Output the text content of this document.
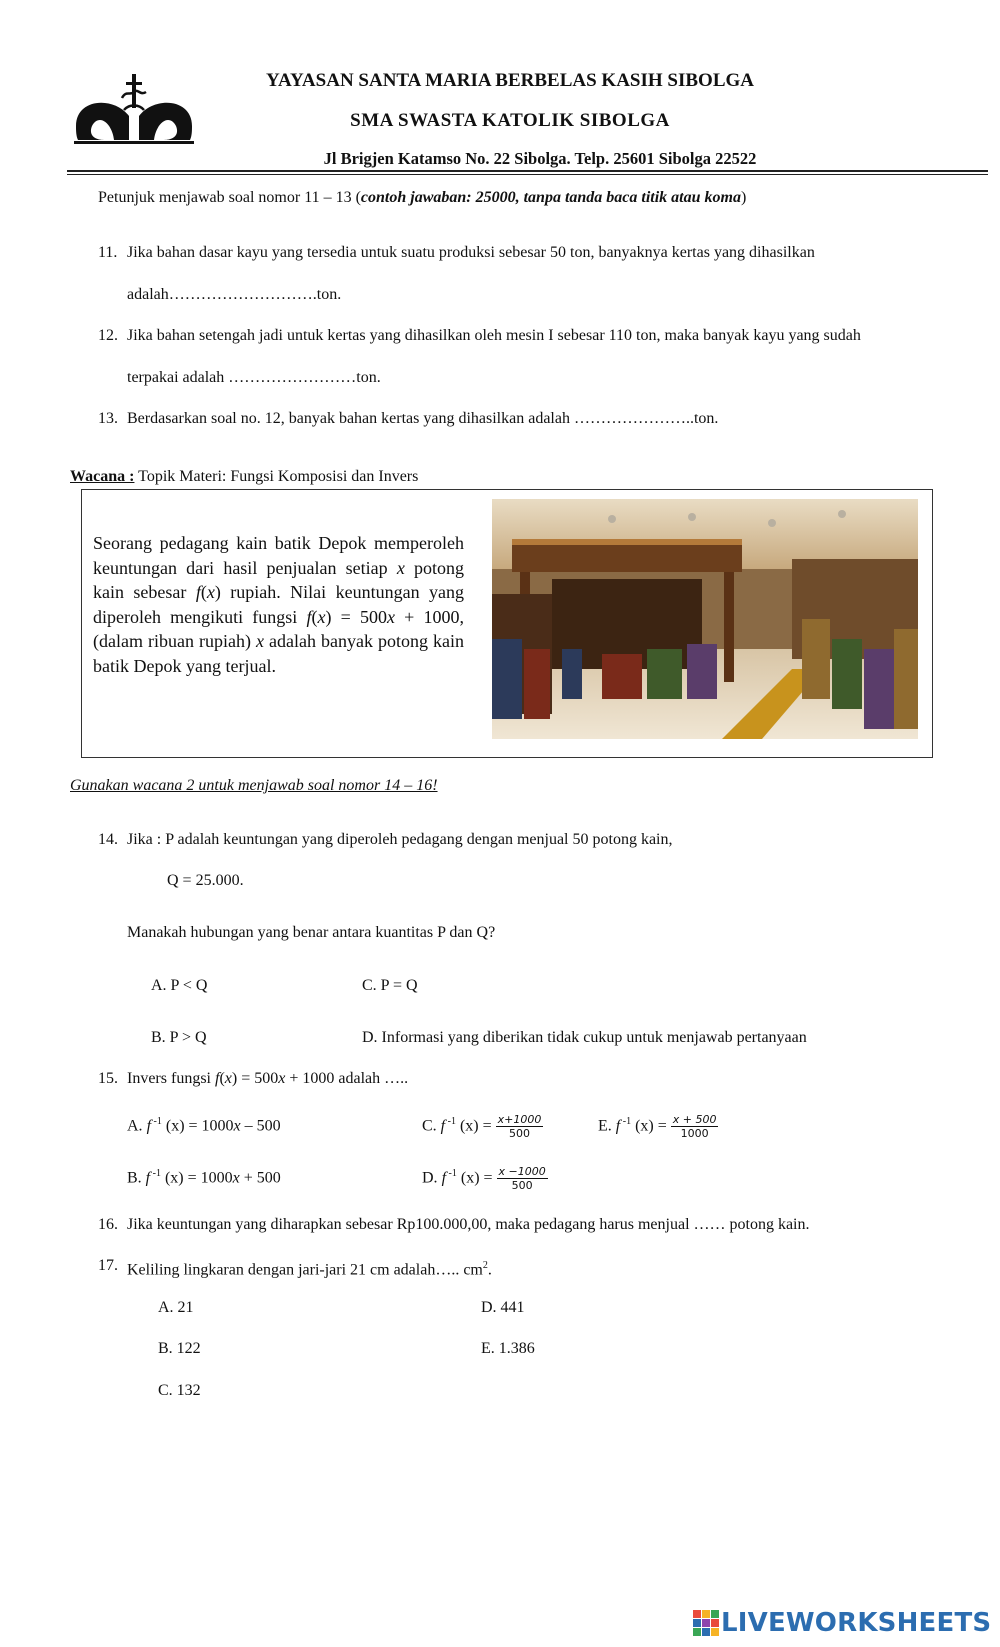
YAYASAN SANTA MARIA BERBELAS KASIH SIBOLGA
SMA SWASTA KATOLIK SIBOLGA
Jl Brigjen Katamso No. 22 Sibolga. Telp. 25601 Sibolga 22522
Petunjuk menjawab soal nomor 11 – 13 (contoh jawaban: 25000, tanpa tanda baca titik atau koma)
11. Jika bahan dasar kayu yang tersedia untuk suatu produksi sebesar 50 ton, banyaknya kertas yang dihasilkan
adalah……………………….ton.
12. Jika bahan setengah jadi untuk kertas yang dihasilkan oleh mesin I sebesar 110 ton, maka banyak kayu yang sudah
terpakai adalah ……………………ton.
13. Berdasarkan soal no. 12, banyak bahan kertas yang dihasilkan adalah …………………..ton.
Wacana : Topik Materi: Fungsi Komposisi dan Invers
Seorang pedagang kain batik Depok memperoleh keuntungan dari hasil penjualan setiap x potong kain sebesar f(x) rupiah. Nilai keuntungan yang diperoleh mengikuti fungsi f(x) = 500x + 1000, (dalam ribuan rupiah) x adalah banyak potong kain batik Depok yang terjual.
Gunakan wacana 2 untuk menjawab soal nomor 14 – 16!
14. Jika : P adalah keuntungan yang diperoleh pedagang dengan menjual 50 potong kain,
Q = 25.000.
Manakah hubungan yang benar antara kuantitas P dan Q?
A. P < Q	C. P = Q
B. P > Q	D. Informasi yang diberikan tidak cukup untuk menjawab pertanyaan
15. Invers fungsi f(x) = 500x + 1000 adalah …..
A. f $^{-1}$ (x) = 1000x – 500	C. f $^{-1}$ $(x) = \frac{x+1000}{500}$	E. f $^{-1}$ $(x) = \frac{x + 500}{1000}$
B. f $^{-1}$ (x) = 1000x + 500	D. f $^{-1}$ $(x) = \frac{x -1000}{500}$
16. Jika keuntungan yang diharapkan sebesar Rp100.000,00, maka pedagang harus menjual …… potong kain.
17. Keliling lingkaran dengan jari-jari 21 cm adalah….. $cm^2$.
A. 21	D. 441
B. 122	E. 1.386
C. 132
LIVEWORKSHEETS
